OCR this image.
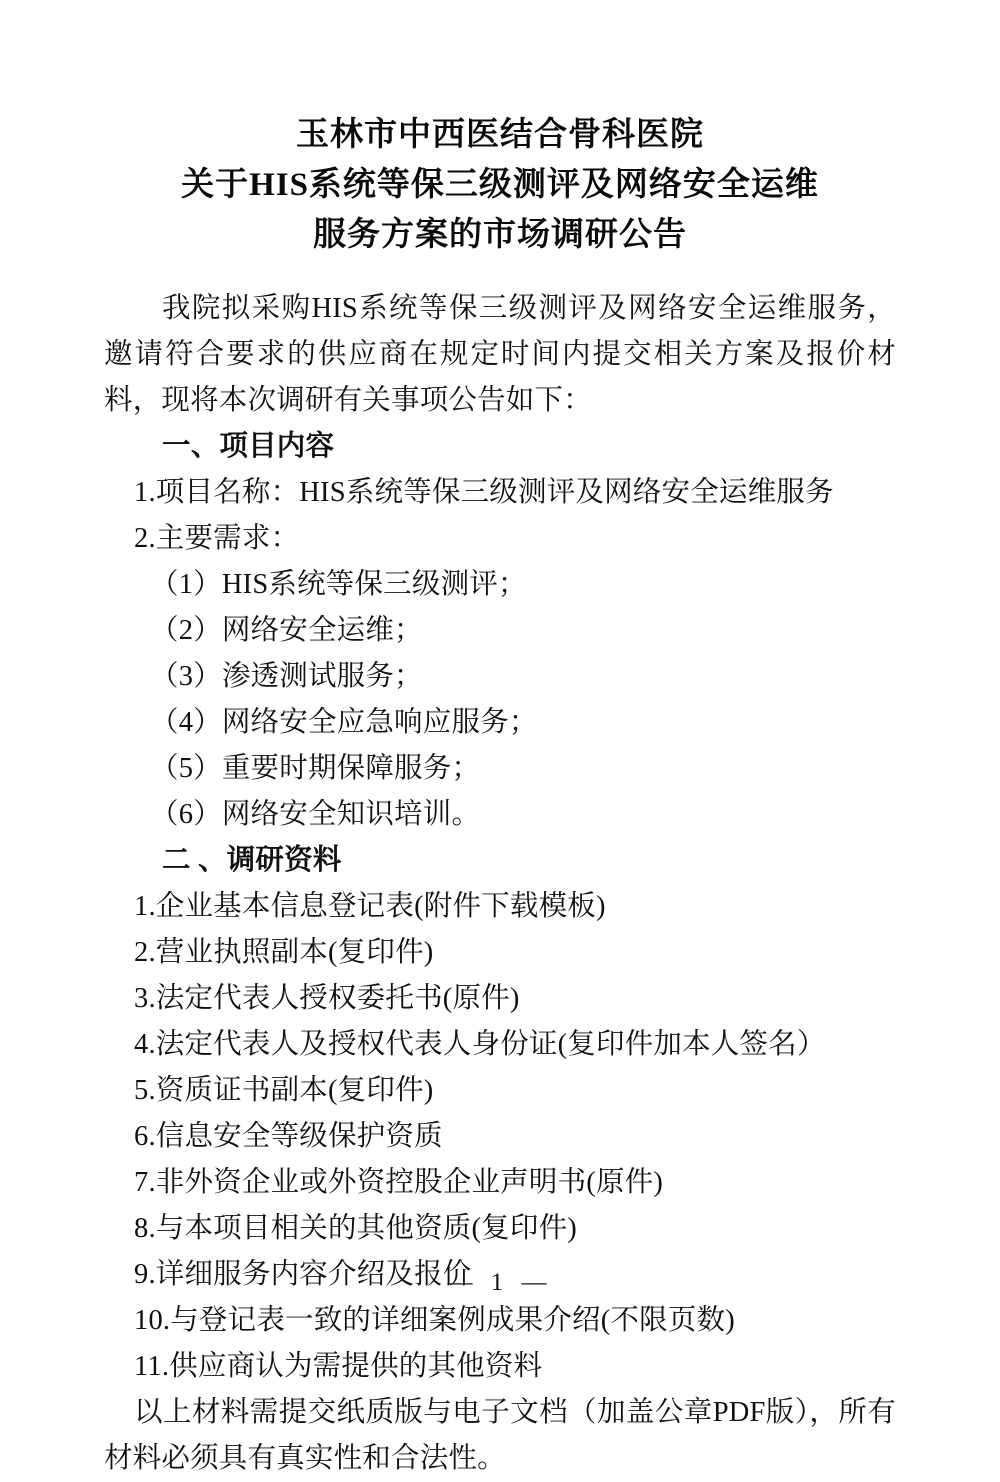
玉林市中西医结合骨科医院
关于HIS系统等保三级测评及网络安全运维
服务方案的市场调研公告

我院拟采购HIS系统等保三级测评及网络安全运维服务，邀请符合要求的供应商在规定时间内提交相关方案及报价材料，现将本次调研有关事项公告如下：

一、项目内容

1.项目名称：HIS系统等保三级测评及网络安全运维服务

2.主要需求：

（1）HIS系统等保三级测评；

（2）网络安全运维；

（3）渗透测试服务；

（4）网络安全应急响应服务；

（5）重要时期保障服务；

（6）网络安全知识培训。

二 、调研资料

1.企业基本信息登记表(附件下载模板)

2.营业执照副本(复印件)

3.法定代表人授权委托书(原件)

4.法定代表人及授权代表人身份证(复印件加本人签名）

5.资质证书副本(复印件)

6.信息安全等级保护资质

7.非外资企业或外资控股企业声明书(原件)

8.与本项目相关的其他资质(复印件)

9.详细服务内容介绍及报价

10.与登记表一致的详细案例成果介绍(不限页数)

11.供应商认为需提供的其他资料

以上材料需提交纸质版与电子文档（加盖公章PDF版），所有材料必须具有真实性和合法性。

— 1 —
